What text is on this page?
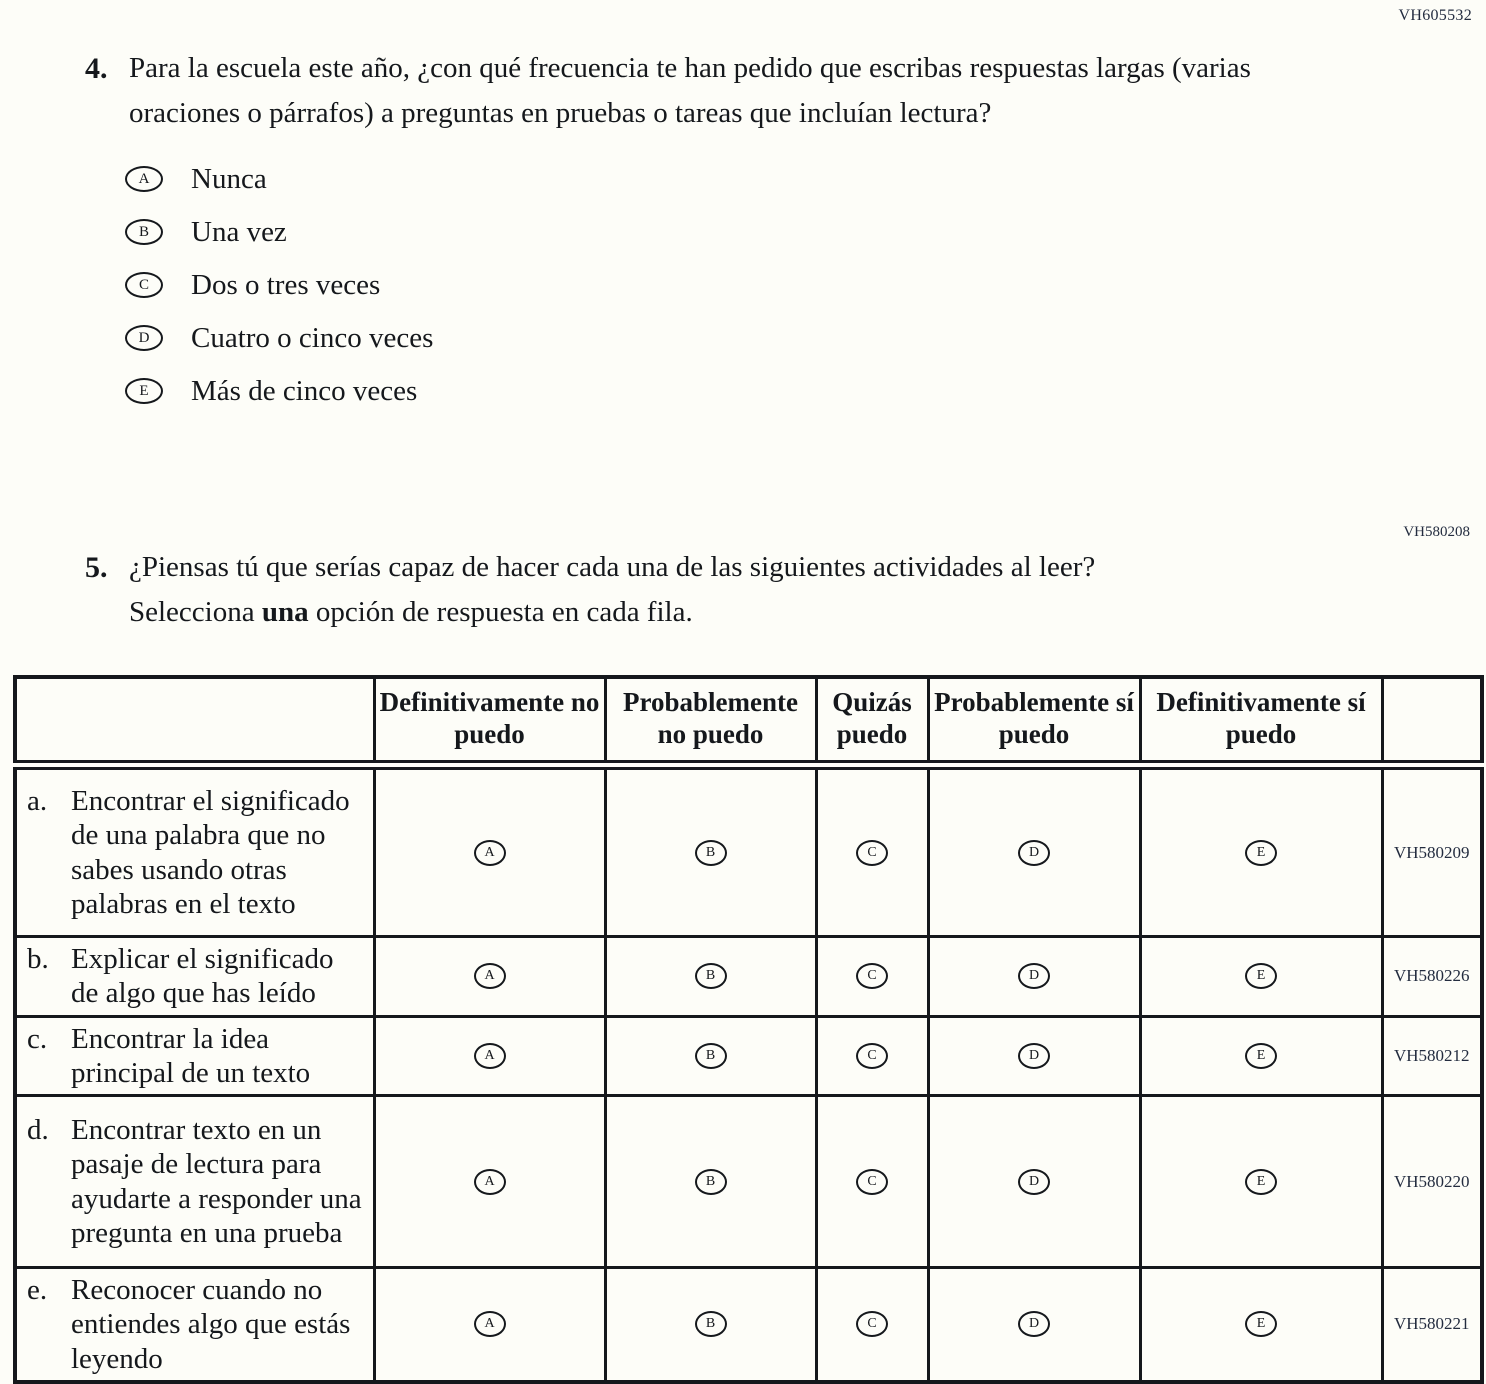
VH605532
4. Para la escuela este año, ¿con qué frecuencia te han pedido que escribas respuestas largas (varias oraciones o párrafos) a preguntas en pruebas o tareas que incluían lectura?

A	Nunca
B	Una vez
C	Dos o tres veces
D	Cuatro o cinco veces
E	Más de cinco veces
VH580208
5. ¿Piensas tú que serías capaz de hacer cada una de las siguientes actividades al leer? Selecciona una opción de respuesta en cada fila.

	Definitivamente no puedo	Probablemente no puedo	Quizás puedo	Probablemente sí puedo	Definitivamente sí puedo	

a. Encontrar el significado de una palabra que no sabes usando otras palabras en el texto	A	B	C	D	E	VH580209

b. Explicar el significado de algo que has leído	A	B	C	D	E	VH580226

c. Encontrar la idea principal de un texto	A	B	C	D	E	VH580212

d. Encontrar texto en un pasaje de lectura para ayudarte a responder una pregunta en una prueba	A	B	C	D	E	VH580220

e. Reconocer cuando no entiendes algo que estás leyendo	A	B	C	D	E	VH580221
